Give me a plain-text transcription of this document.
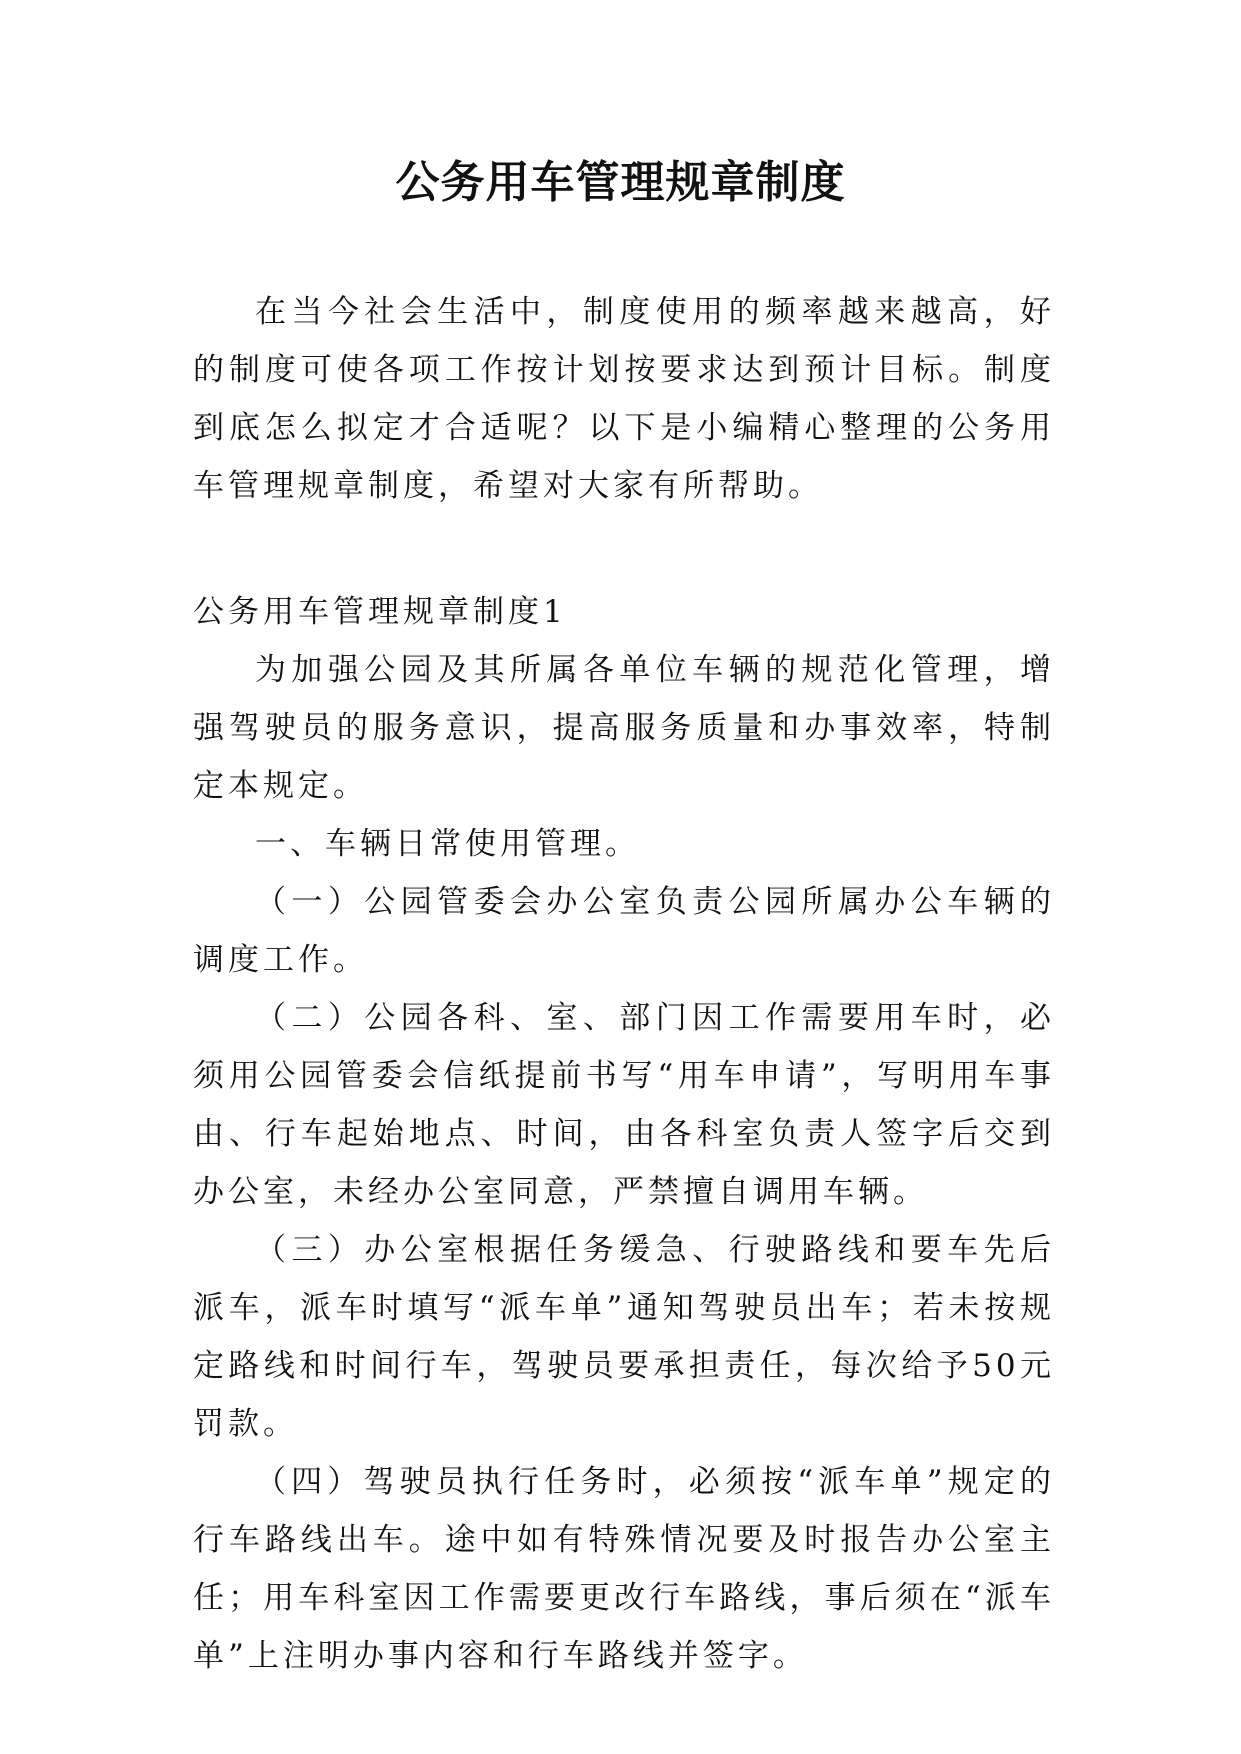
公务用车管理规章制度

在当今社会生活中，制度使用的频率越来越高，好的制度可使各项工作按计划按要求达到预计目标。制度到底怎么拟定才合适呢？以下是小编精心整理的公务用车管理规章制度，希望对大家有所帮助。

公务用车管理规章制度1

为加强公园及其所属各单位车辆的规范化管理，增强驾驶员的服务意识，提高服务质量和办事效率，特制定本规定。

一、车辆日常使用管理。

（一）公园管委会办公室负责公园所属办公车辆的调度工作。

（二）公园各科、室、部门因工作需要用车时，必须用公园管委会信纸提前书写“用车申请”，写明用车事由、行车起始地点、时间，由各科室负责人签字后交到办公室，未经办公室同意，严禁擅自调用车辆。

（三）办公室根据任务缓急、行驶路线和要车先后派车，派车时填写“派车单”通知驾驶员出车；若未按规定路线和时间行车，驾驶员要承担责任，每次给予50元罚款。

（四）驾驶员执行任务时，必须按“派车单”规定的行车路线出车。途中如有特殊情况要及时报告办公室主任；用车科室因工作需要更改行车路线，事后须在“派车单”上注明办事内容和行车路线并签字。
